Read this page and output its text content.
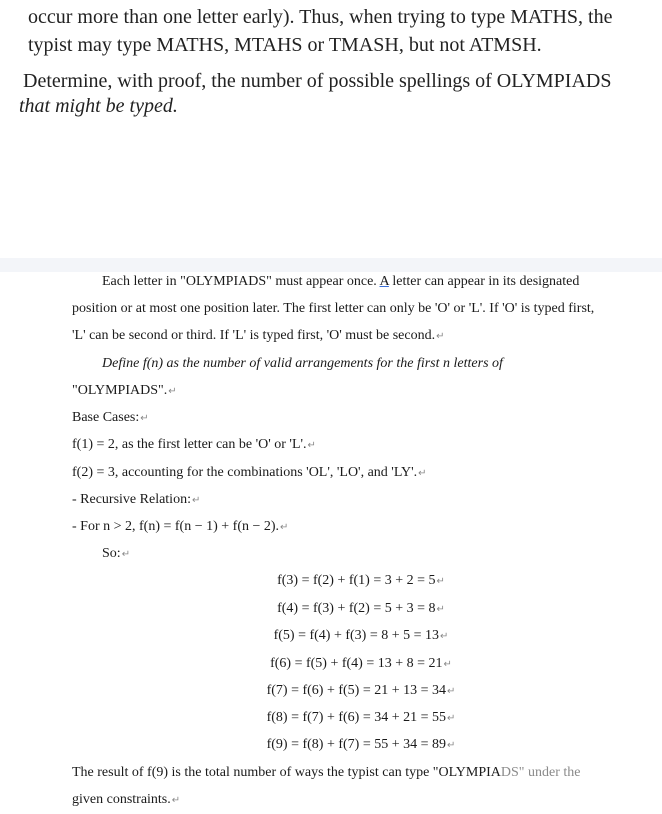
occur more than one letter early). Thus, when trying to type MATHS, the
typist may type MATHS, MTAHS or TMASH, but not ATMSH.
Determine, with proof, the number of possible spellings of OLYMPIADS
that might be typed.
Each letter in "OLYMPIADS" must appear once. A letter can appear in its designated
position or at most one position later. The first letter can only be 'O' or 'L'. If 'O' is typed first,
'L' can be second or third. If 'L' is typed first, 'O' must be second.↵
Define f(n) as the number of valid arrangements for the first n letters of
"OLYMPIADS".↵
Base Cases:↵
f(1) = 2, as the first letter can be 'O' or 'L'.↵
f(2) = 3, accounting for the combinations 'OL', 'LO', and 'LY'.↵
- Recursive Relation:↵
- For n > 2, f(n) = f(n − 1) + f(n − 2).↵
So:↵
f(3) = f(2) + f(1) = 3 + 2 = 5↵
f(4) = f(3) + f(2) = 5 + 3 = 8↵
f(5) = f(4) + f(3) = 8 + 5 = 13↵
f(6) = f(5) + f(4) = 13 + 8 = 21↵
f(7) = f(6) + f(5) = 21 + 13 = 34↵
f(8) = f(7) + f(6) = 34 + 21 = 55↵
f(9) = f(8) + f(7) = 55 + 34 = 89↵
The result of f(9) is the total number of ways the typist can type "OLYMPIADS" under the
given constraints.↵
